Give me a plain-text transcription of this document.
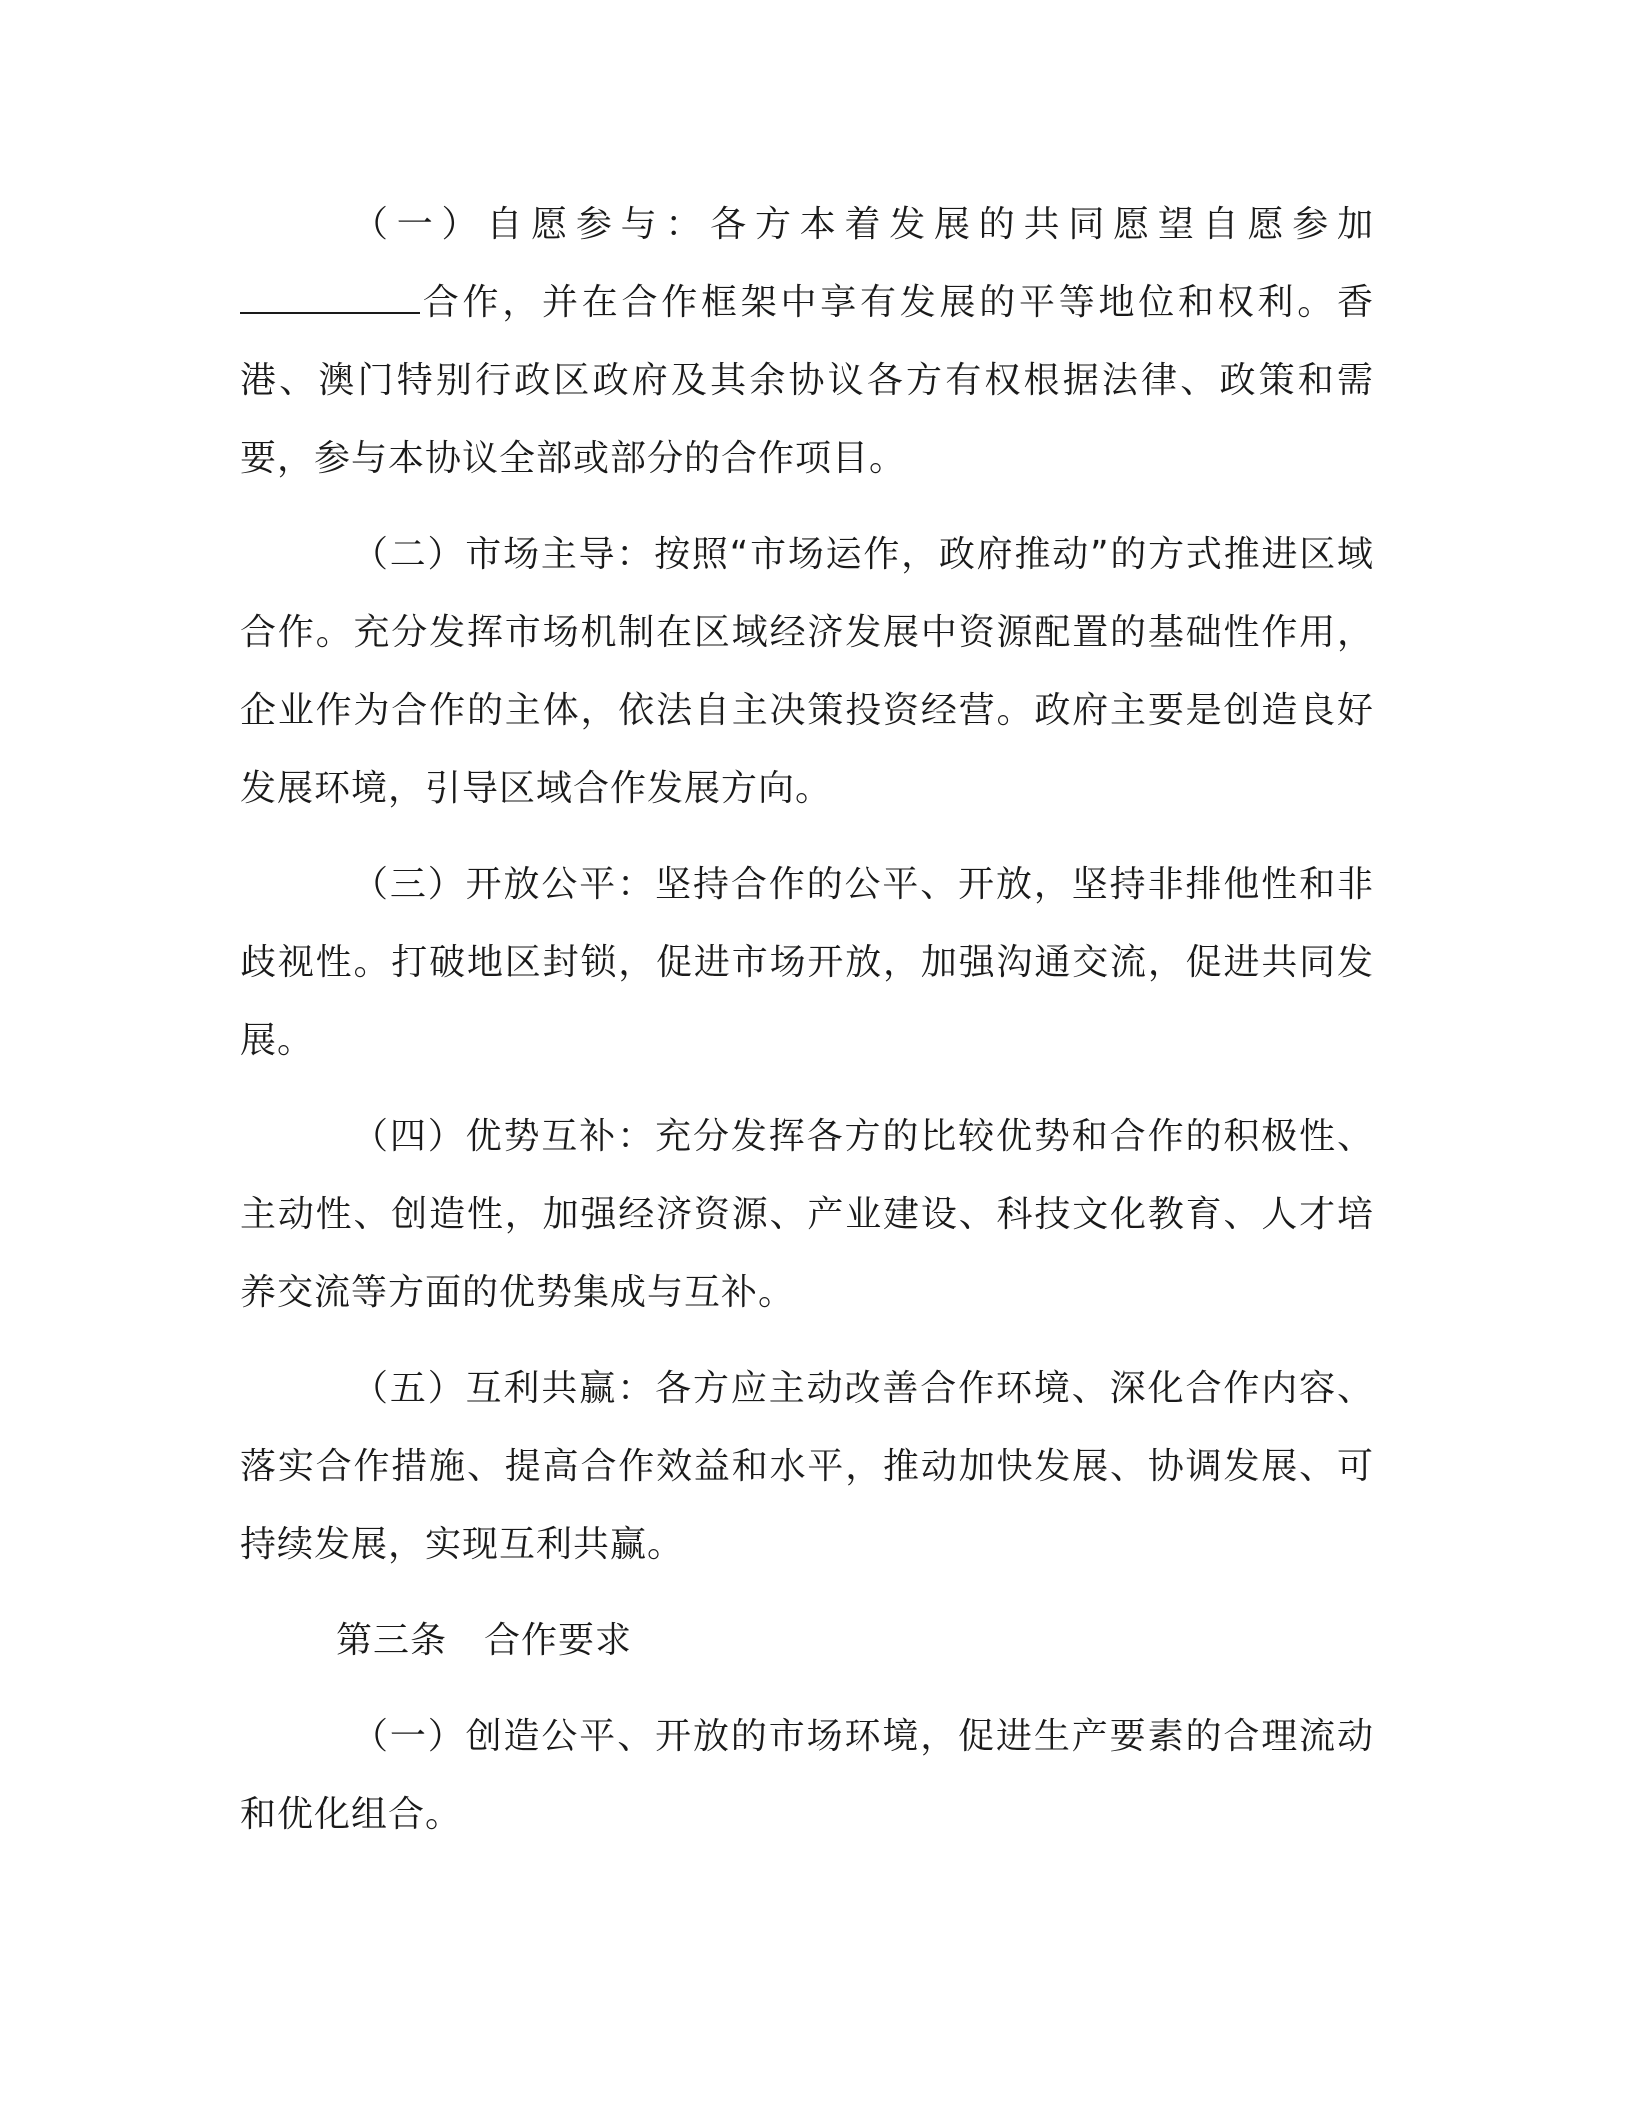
（一）自愿参与：各方本着发展的共同愿望自愿参加合作，并在合作框架中享有发展的平等地位和权利。香港、澳门特别行政区政府及其余协议各方有权根据法律、政策和需要，参与本协议全部或部分的合作项目。

（二）市场主导：按照“市场运作，政府推动”的方式推进区域合作。充分发挥市场机制在区域经济发展中资源配置的基础性作用，企业作为合作的主体，依法自主决策投资经营。政府主要是创造良好发展环境，引导区域合作发展方向。

（三）开放公平：坚持合作的公平、开放，坚持非排他性和非歧视性。打破地区封锁，促进市场开放，加强沟通交流，促进共同发展。

（四）优势互补：充分发挥各方的比较优势和合作的积极性、主动性、创造性，加强经济资源、产业建设、科技文化教育、人才培养交流等方面的优势集成与互补。

（五）互利共赢：各方应主动改善合作环境、深化合作内容、落实合作措施、提高合作效益和水平，推动加快发展、协调发展、可持续发展，实现互利共赢。

第三条　合作要求

（一）创造公平、开放的市场环境，促进生产要素的合理流动和优化组合。
